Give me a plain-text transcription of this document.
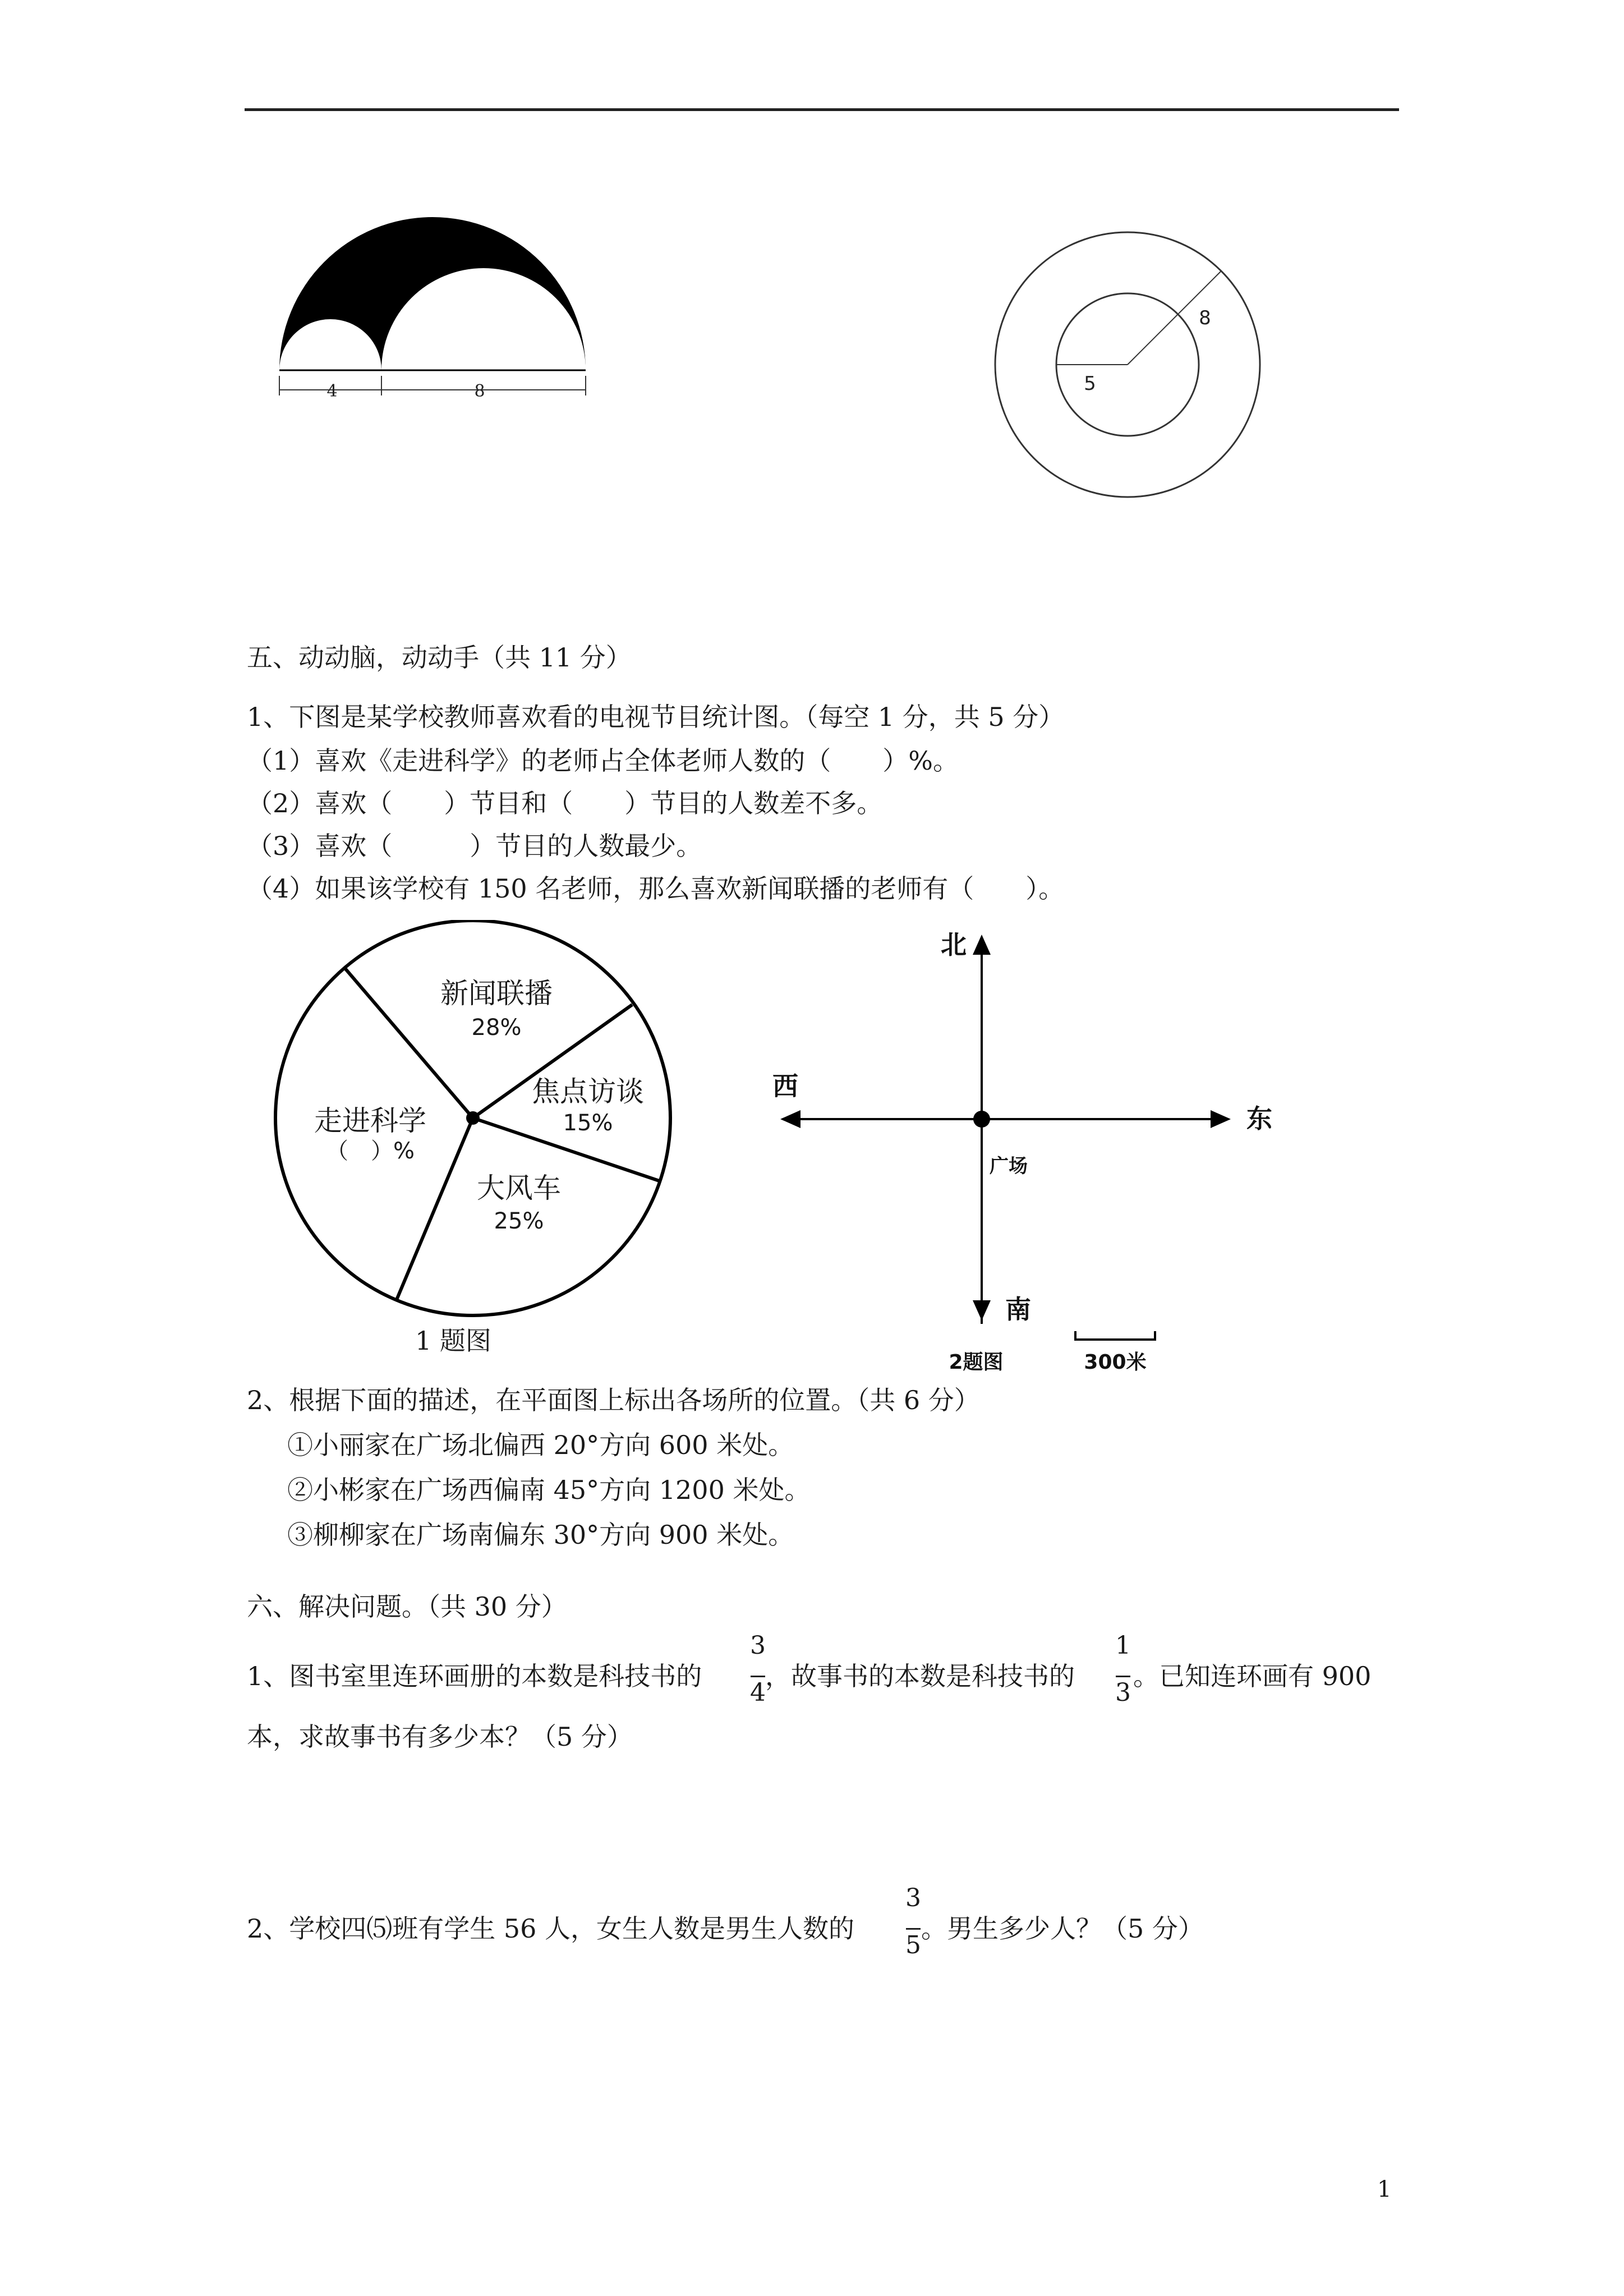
4	8	5
8
五、动动脑，动动手（共 11 分）
1、下图是某学校教师喜欢看的电视节目统计图。（每空 1 分，共 5 分）
（1）喜欢《走进科学》的老师占全体老师人数的（　　）%。
（2）喜欢（　　）节目和（　　）节目的人数差不多。
（3）喜欢（　　　）节目的人数最少。
（4）如果该学校有 150 名老师，那么喜欢新闻联播的老师有（　　）。
新闻联播
28%
焦点访谈
15%
大风车
25%
走进科学
（　）%
1 题图
北
南
东
西
广场
2题图	300米
2、根据下面的描述，在平面图上标出各场所的位置。（共 6 分）
①小丽家在广场北偏西 20°方向 600 米处。
②小彬家在广场西偏南 45°方向 1200 米处。
③柳柳家在广场南偏东 30°方向 900 米处。
六、解决问题。（共 30 分）
1、图书室里连环画册的本数是科技书的
3
4
，故事书的本数是科技书的
1
3
。已知连环画有 900
本，求故事书有多少本？（5 分）
2、学校四⑸班有学生 56 人，女生人数是男生人数的
3
5
。男生多少人？（5 分）
1
